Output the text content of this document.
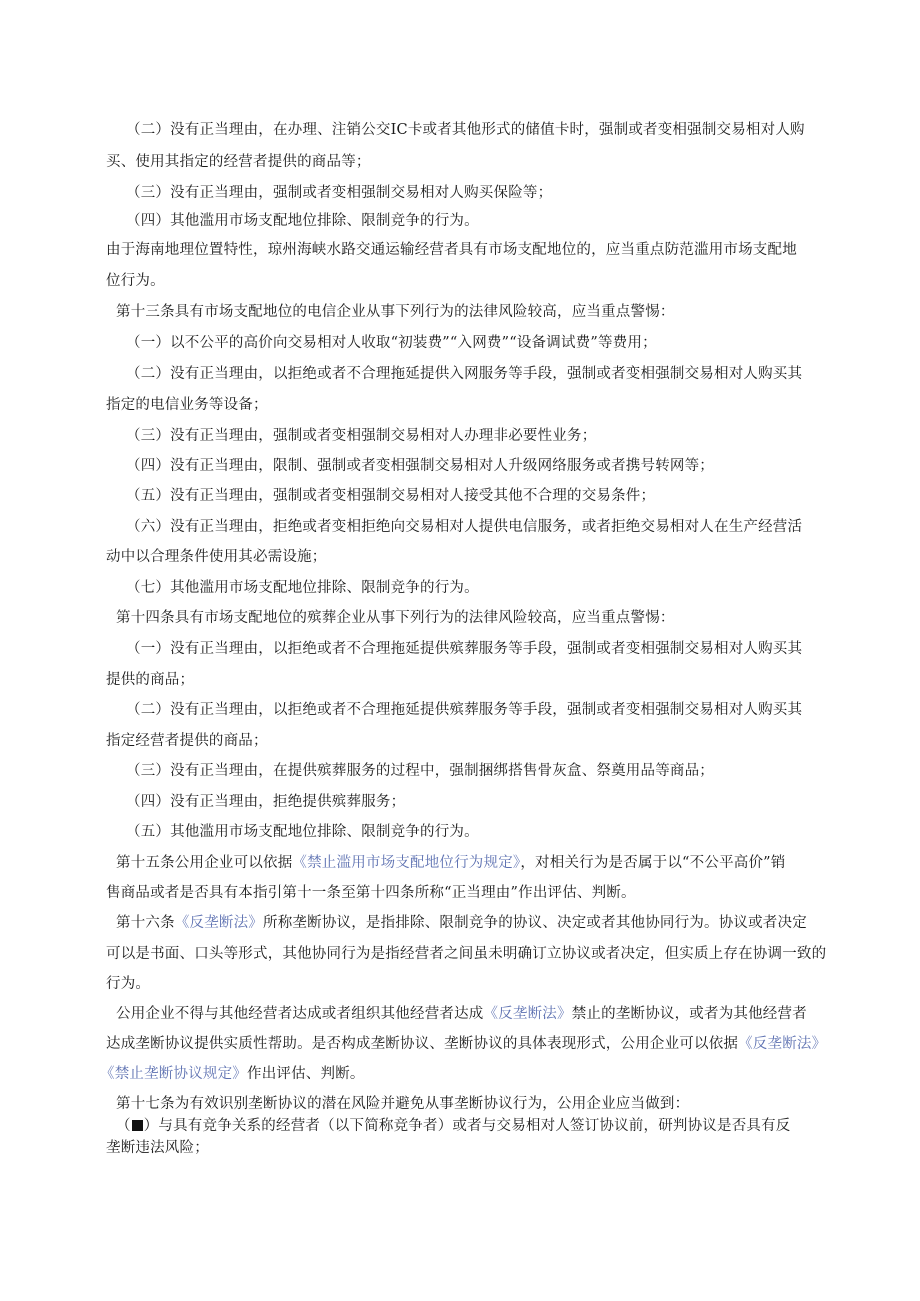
（二）没有正当理由，在办理、注销公交IC卡或者其他形式的储值卡时，强制或者变相强制交易相对人购
买、使用其指定的经营者提供的商品等；
（三）没有正当理由，强制或者变相强制交易相对人购买保险等；
（四）其他滥用市场支配地位排除、限制竞争的行为。
由于海南地理位置特性，琼州海峡水路交通运输经营者具有市场支配地位的，应当重点防范滥用市场支配地
位行为。
第十三条具有市场支配地位的电信企业从事下列行为的法律风险较高，应当重点警惕：
（一）以不公平的高价向交易相对人收取“初装费”“入网费”“设备调试费”等费用；
（二）没有正当理由，以拒绝或者不合理拖延提供入网服务等手段，强制或者变相强制交易相对人购买其
指定的电信业务等设备；
（三）没有正当理由，强制或者变相强制交易相对人办理非必要性业务；
（四）没有正当理由，限制、强制或者变相强制交易相对人升级网络服务或者携号转网等；
（五）没有正当理由，强制或者变相强制交易相对人接受其他不合理的交易条件；
（六）没有正当理由，拒绝或者变相拒绝向交易相对人提供电信服务，或者拒绝交易相对人在生产经营活
动中以合理条件使用其必需设施；
（七）其他滥用市场支配地位排除、限制竞争的行为。
第十四条具有市场支配地位的殡葬企业从事下列行为的法律风险较高，应当重点警惕：
（一）没有正当理由，以拒绝或者不合理拖延提供殡葬服务等手段，强制或者变相强制交易相对人购买其
提供的商品；
（二）没有正当理由，以拒绝或者不合理拖延提供殡葬服务等手段，强制或者变相强制交易相对人购买其
指定经营者提供的商品；
（三）没有正当理由，在提供殡葬服务的过程中，强制捆绑搭售骨灰盒、祭奠用品等商品；
（四）没有正当理由，拒绝提供殡葬服务；
（五）其他滥用市场支配地位排除、限制竞争的行为。
第十五条公用企业可以依据《禁止滥用市场支配地位行为规定》，对相关行为是否属于以“不公平高价”销
售商品或者是否具有本指引第十一条至第十四条所称“正当理由”作出评估、判断。
第十六条《反垄断法》所称垄断协议，是指排除、限制竞争的协议、决定或者其他协同行为。协议或者决定
可以是书面、口头等形式，其他协同行为是指经营者之间虽未明确订立协议或者决定，但实质上存在协调一致的
行为。
公用企业不得与其他经营者达成或者组织其他经营者达成《反垄断法》禁止的垄断协议，或者为其他经营者
达成垄断协议提供实质性帮助。是否构成垄断协议、垄断协议的具体表现形式，公用企业可以依据《反垄断法》
《禁止垄断协议规定》作出评估、判断。
第十七条为有效识别垄断协议的潜在风险并避免从事垄断协议行为，公用企业应当做到：
（ ）与具有竞争关系的经营者（以下简称竞争者）或者与交易相对人签订协议前，研判协议是否具有反
垄断违法风险；
